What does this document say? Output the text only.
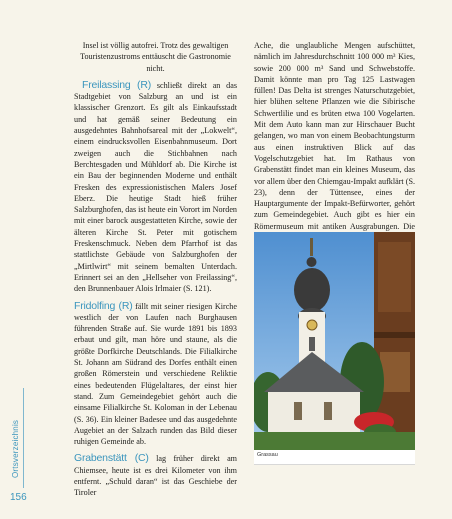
Ortsverzeichnis
156

Insel ist völlig autofrei. Trotz des gewaltigen Touristenzustroms enttäuscht die Gastronomie nicht.

Freilassing (R) schließt direkt an das Stadtgebiet von Salzburg an und ist ein klassischer Grenzort. Es gilt als Einkaufsstadt und hat gemäß seiner Bedeutung ein ausgedehntes Bahnhofsareal mit der „Lokwelt“, einem eindrucksvollen Eisenbahnmuseum. Dort zweigen auch die Stichbahnen nach Berchtesgaden und Mühldorf ab. Die Kirche ist ein Bau der beginnenden Moderne und enthält Fresken des expressionistischen Malers Josef Eberz. Die heutige Stadt hieß früher Salzburghofen, das ist heute ein Vorort im Norden mit einer barock ausgestatteten Kirche, sowie der älteren Kirche St. Peter mit gotischem Freskenschmuck. Neben dem Pfarrhof ist das stattlichste Gebäude von Salzburghofen der „Mirtlwirt“ mit seinem bemalten Unterdach. Erinnert sei an den „Hellseher von Freilassing“, den Brunnenbauer Alois Irlmaier (S. 121).

Fridolfing (R) fällt mit seiner riesigen Kirche westlich der von Laufen nach Burghausen führenden Straße auf. Sie wurde 1891 bis 1893 erbaut und gilt, man höre und staune, als die größte Dorfkirche Deutschlands. Die Filialkirche St. Johann am Südrand des Dorfes enthält einen großen Römerstein und verschiedene Reliktie eines bedeutenden Flügelaltares, der einst hier stand. Zum Gemeindegebiet gehört auch die einsame Filialkirche St. Koloman in der Lebenau (S. 36). Ein kleiner Badesee und das ausgedehnte Augebiet an der Salzach runden das Bild dieser ruhigen Gemeinde ab.

Grabenstätt (C) lag früher direkt am Chiemsee, heute ist es drei Kilometer von ihm entfernt. „Schuld daran“ ist das Geschiebe der Tiroler

Ache, die unglaubliche Mengen aufschüttet, nämlich im Jahresdurchschnitt 100 000 m³ Kies, sowie 200 000 m³ Sand und Schwebstoffe. Damit könnte man pro Tag 125 Lastwagen füllen! Das Delta ist strenges Naturschutzgebiet, hier blühen seltene Pflanzen wie die Sibirische Schwertlilie und es brüten etwa 100 Vogelarten. Mit dem Auto kann man zur Hirschauer Bucht gelangen, wo man von einem Beobachtungsturm aus einen instruktiven Blick auf das Vogelschutzgebiet hat. Im Rathaus von Grabenstätt findet man ein kleines Museum, das vor allem über den Chiemgau-Impakt aufklärt (S. 23), denn der Tüttensee, eines der Hauptargumente der Impakt-Befürworter, gehört zum Gemeindegebiet. Auch gibt es hier ein Römermuseum mit antiken Ausgrabungen. Die

Grassau
